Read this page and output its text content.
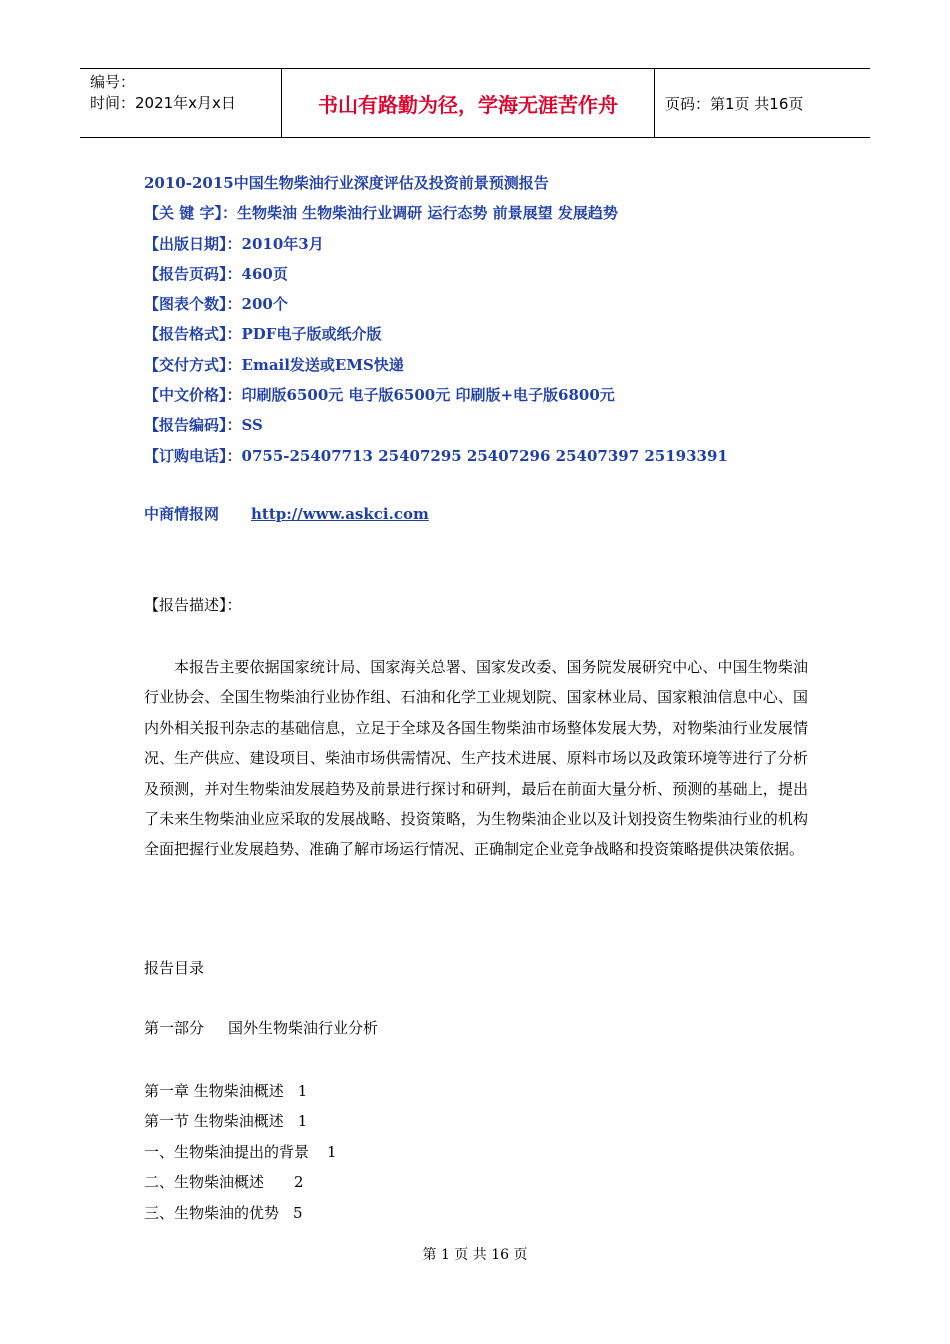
编号：
时间：2021年x月x日	书山有路勤为径，学海无涯苦作舟	页码：第1页 共16页
2010-2015中国生物柴油行业深度评估及投资前景预测报告
【关 键 字】：生物柴油 生物柴油行业调研 运行态势 前景展望 发展趋势
【出版日期】：2010年3月
【报告页码】：460页
【图表个数】：200个
【报告格式】：PDF电子版或纸介版
【交付方式】：Email发送或EMS快递
【中文价格】：印刷版6500元 电子版6500元 印刷版+电子版6800元
【报告编码】：SS
【订购电话】：0755-25407713 25407295 25407296 25407397 25193391
中商情报网 http://www.askci.com
【报告描述】：
本报告主要依据国家统计局、国家海关总署、国家发改委、国务院发展研究中心、中国生物柴油行业协会、全国生物柴油行业协作组、石油和化学工业规划院、国家林业局、国家粮油信息中心、国内外相关报刊杂志的基础信息，立足于全球及各国生物柴油市场整体发展大势，对物柴油行业发展情况、生产供应、建设项目、柴油市场供需情况、生产技术进展、原料市场以及政策环境等进行了分析及预测，并对生物柴油发展趋势及前景进行探讨和研判，最后在前面大量分析、预测的基础上，提出了未来生物柴油业应采取的发展战略、投资策略，为生物柴油企业以及计划投资生物柴油行业的机构全面把握行业发展趋势、准确了解市场运行情况、正确制定企业竞争战略和投资策略提供决策依据。
报告目录
第一部分 国外生物柴油行业分析
第一章 生物柴油概述 1
第一节 生物柴油概述 1
一、生物柴油提出的背景 1
二、生物柴油概述 2
三、生物柴油的优势 5
第 1 页 共 16 页
